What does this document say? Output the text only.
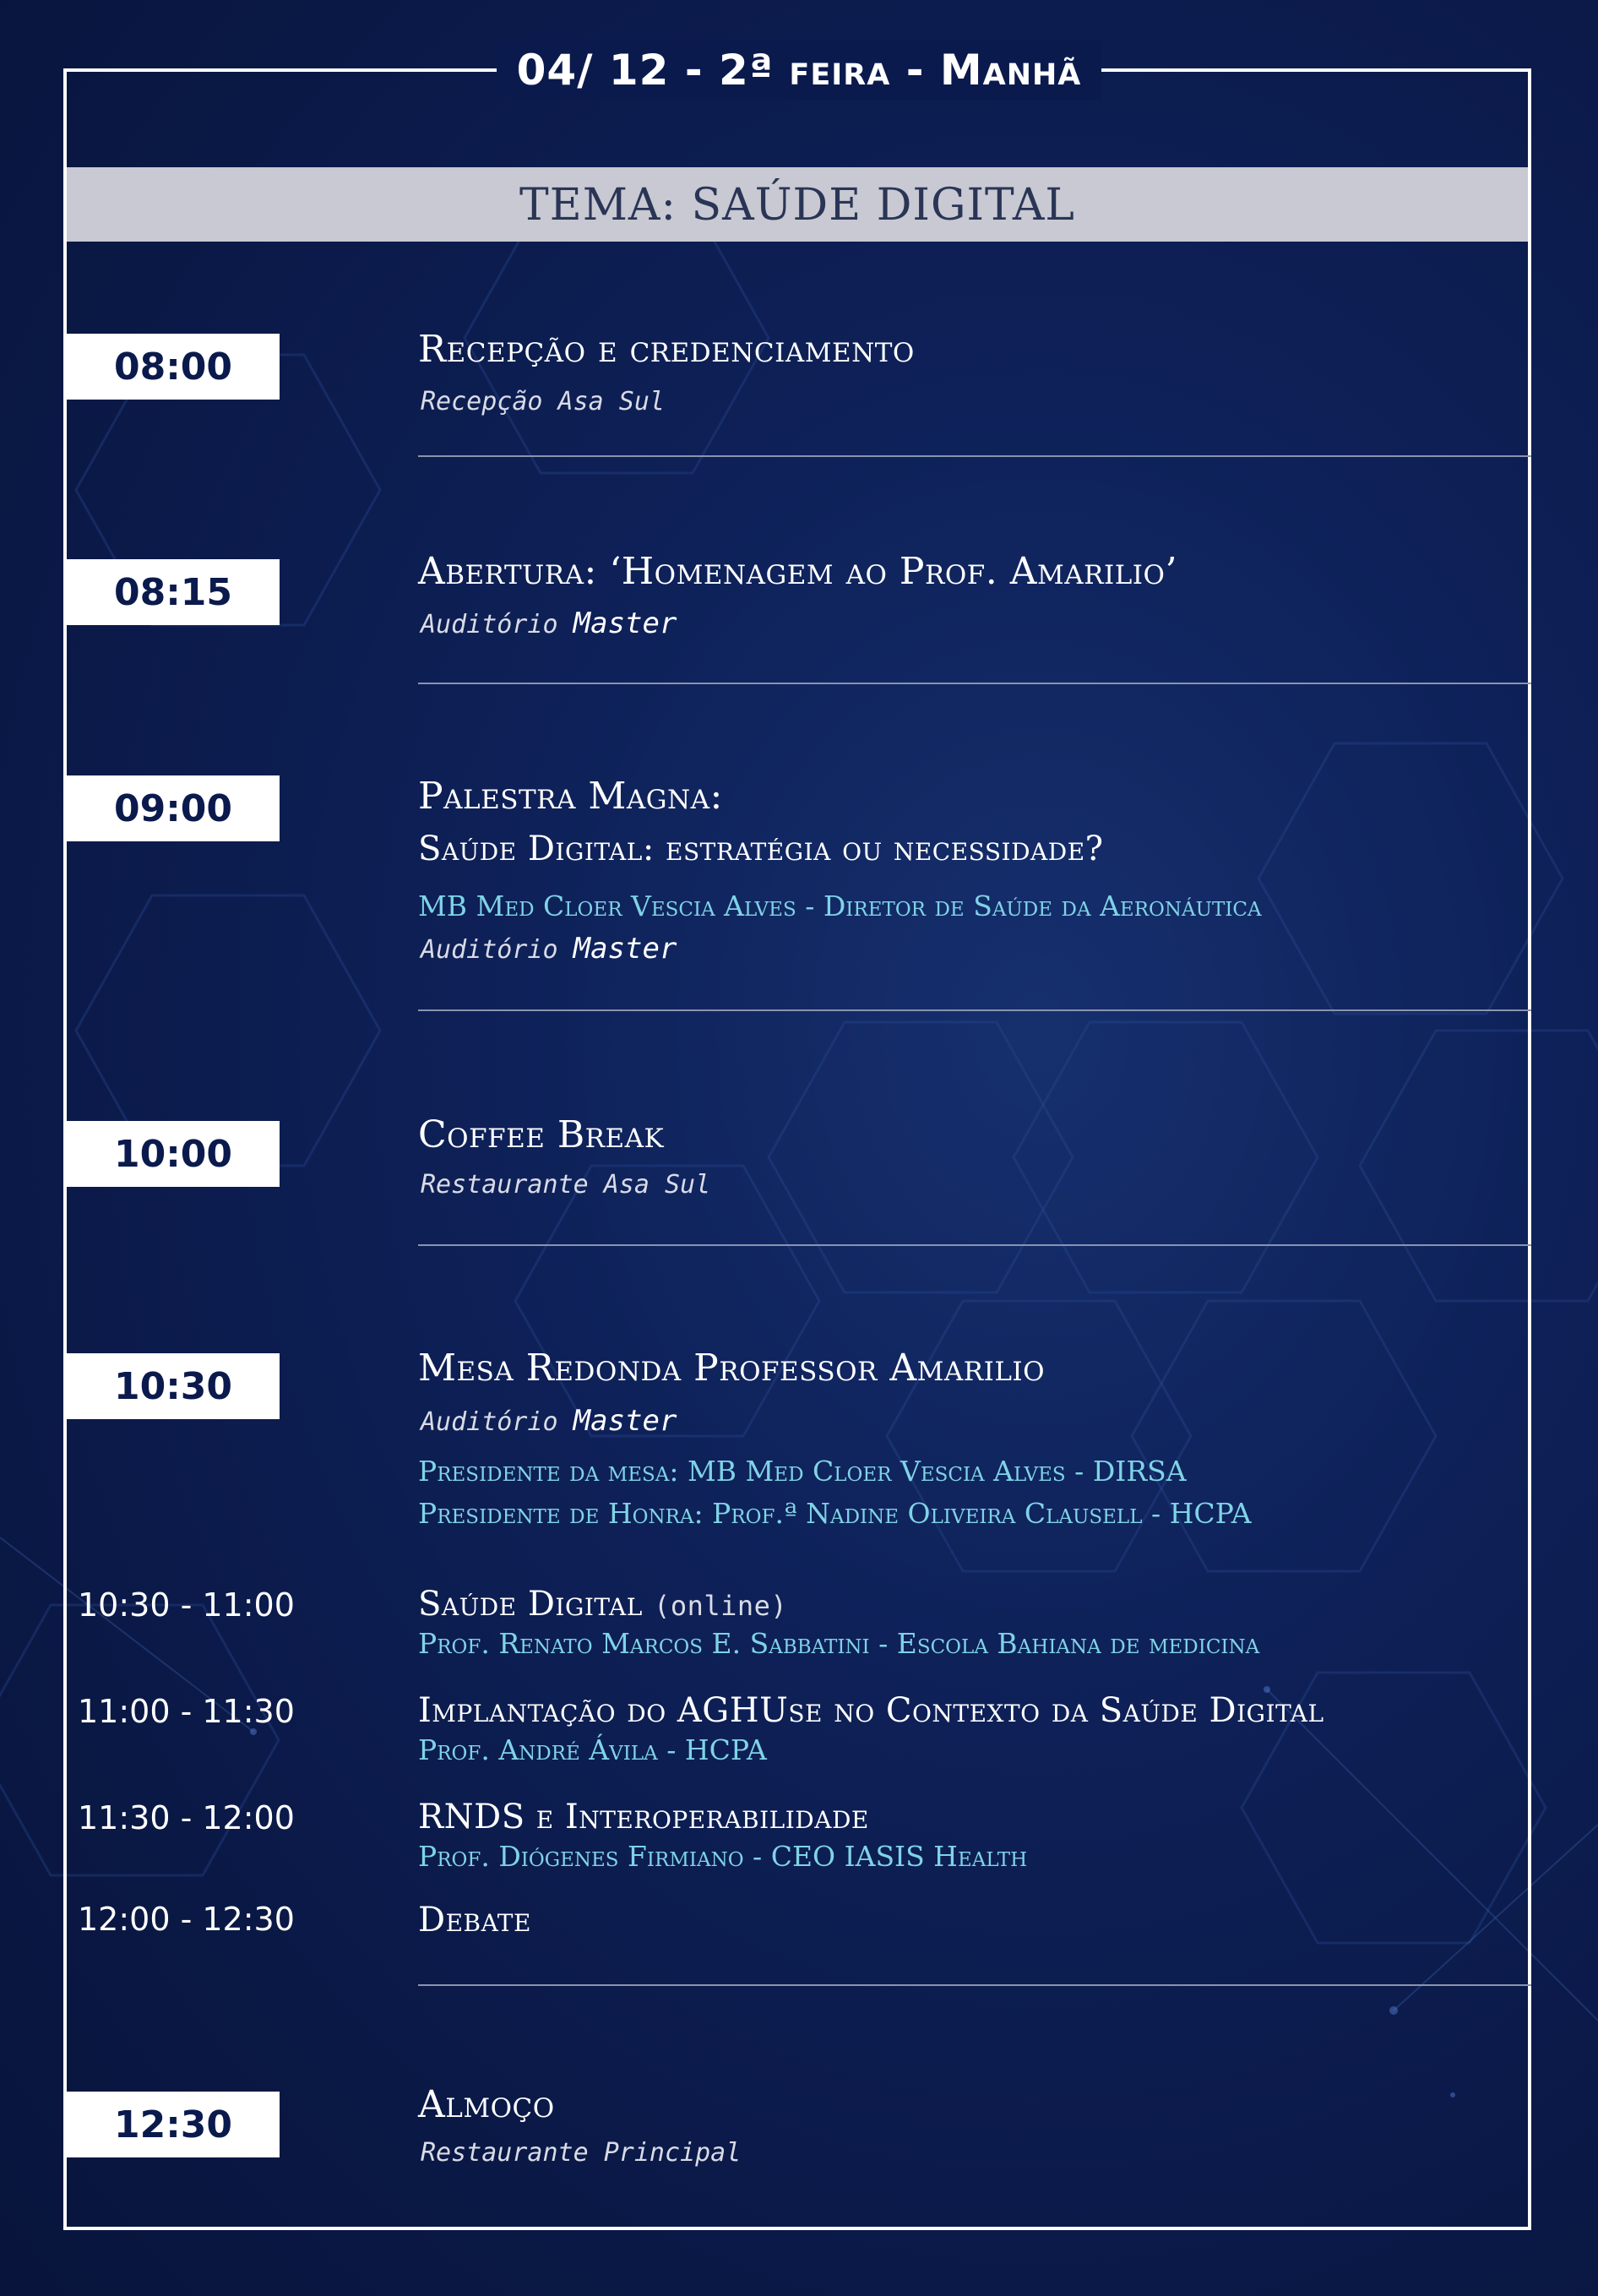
04/ 12 - 2ª feira - Manhã
TEMA: SAÚDE DIGITAL
08:00	Recepção e credenciamento
Recepção Asa Sul
08:15	Abertura: ‘Homenagem ao Prof. Amarilio’
Auditório Master
09:00	Palestra Magna:
Saúde Digital: estratégia ou necessidade?
MB Med Cloer Vescia Alves - Diretor de Saúde da Aeronáutica
Auditório Master
10:00	Coffee Break
Restaurante Asa Sul
10:30	Mesa Redonda Professor Amarilio
Auditório Master
Presidente da mesa: MB Med Cloer Vescia Alves - DIRSA
Presidente de Honra: Prof.ª Nadine Oliveira Clausell - HCPA
10:30 - 11:00	Saúde Digital (online)
Prof. Renato Marcos E. Sabbatini - Escola Bahiana de medicina
11:00 - 11:30	Implantação do AGHUse no Contexto da Saúde Digital
Prof. André Ávila - HCPA
11:30 - 12:00	RNDS e Interoperabilidade
Prof. Diógenes Firmiano - CEO IASIS Health
12:00 - 12:30	Debate
12:30	Almoço
Restaurante Principal
